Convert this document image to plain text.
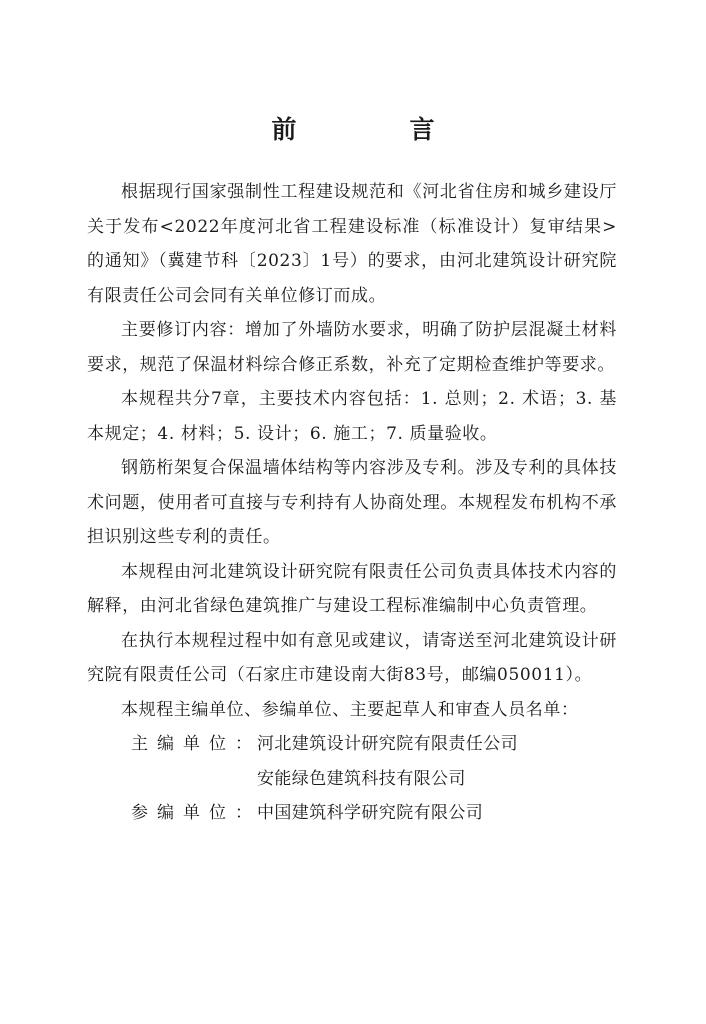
前　言

根据现行国家强制性工程建设规范和《河北省住房和城乡建设厅关于发布<2022年度河北省工程建设标准（标准设计）复审结果>的通知》（冀建节科〔2023〕1号）的要求，由河北建筑设计研究院有限责任公司会同有关单位修订而成。

主要修订内容：增加了外墙防水要求，明确了防护层混凝土材料要求，规范了保温材料综合修正系数，补充了定期检查维护等要求。

本规程共分7章，主要技术内容包括：1. 总则；2. 术语；3. 基本规定；4. 材料；5. 设计；6. 施工；7. 质量验收。

钢筋桁架复合保温墙体结构等内容涉及专利。涉及专利的具体技术问题，使用者可直接与专利持有人协商处理。本规程发布机构不承担识别这些专利的责任。

本规程由河北建筑设计研究院有限责任公司负责具体技术内容的解释，由河北省绿色建筑推广与建设工程标准编制中心负责管理。

在执行本规程过程中如有意见或建议，请寄送至河北建筑设计研究院有限责任公司（石家庄市建设南大街83号，邮编050011）。

本规程主编单位、参编单位、主要起草人和审查人员名单：

主 编 单 位 ： 河北建筑设计研究院有限责任公司
安能绿色建筑科技有限公司
参 编 单 位 ： 中国建筑科学研究院有限公司
